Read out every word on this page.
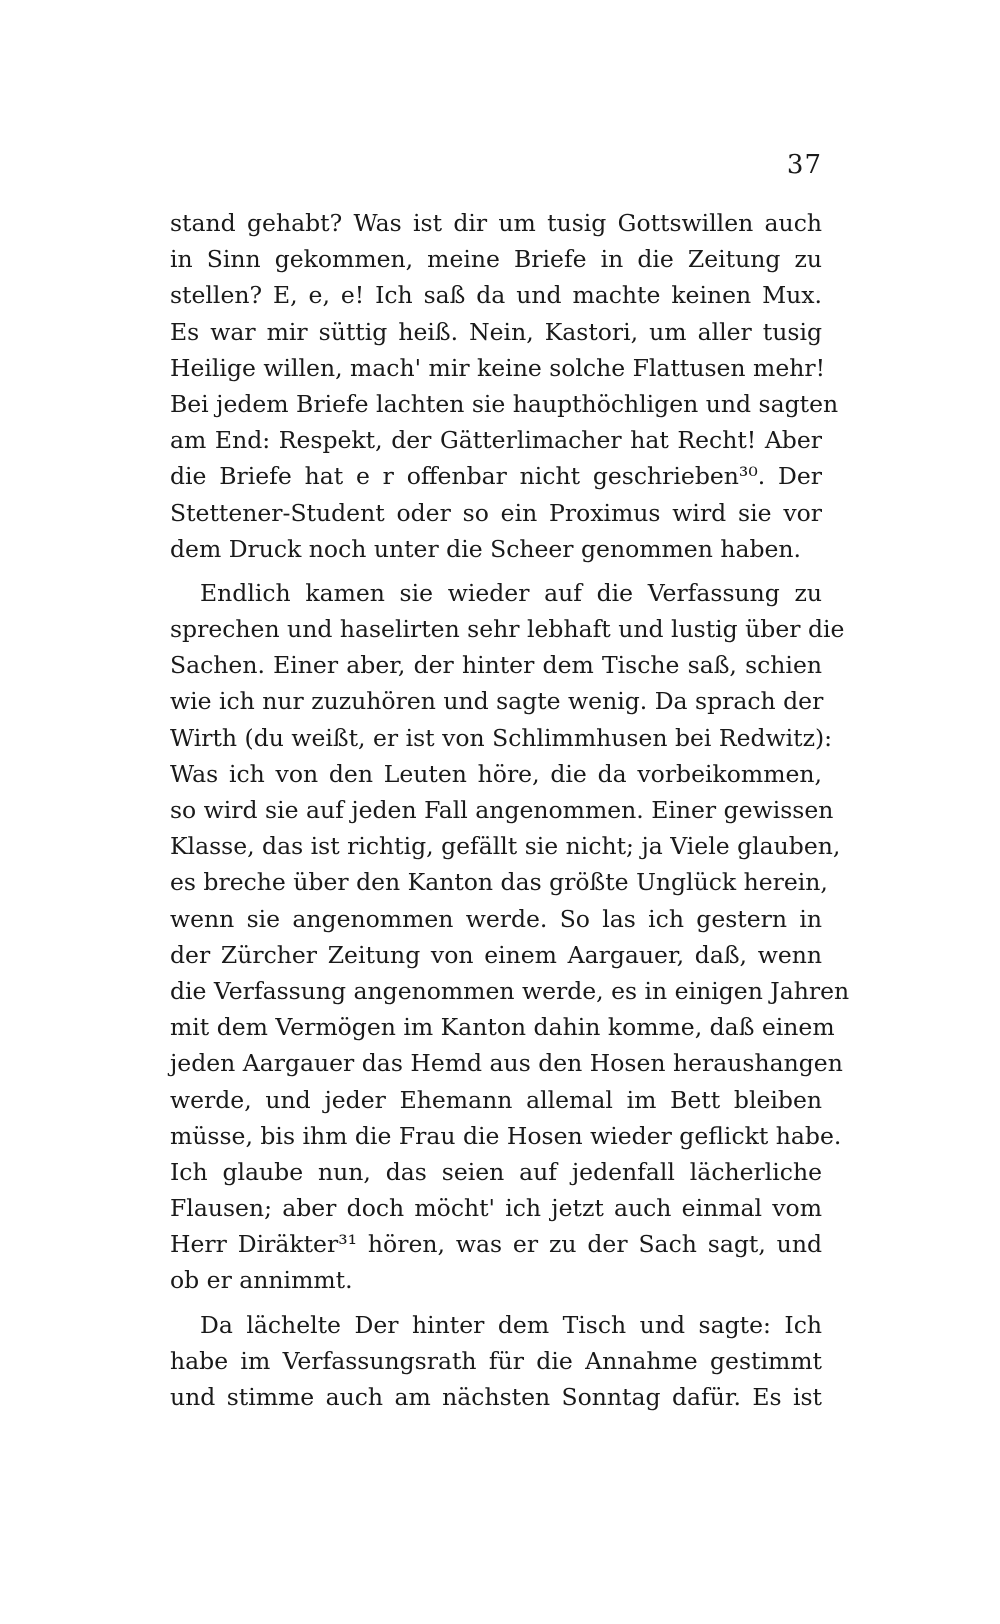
37
stand gehabt? Was ist dir um tusig Gottswillen auch
in Sinn gekommen, meine Briefe in die Zeitung zu
stellen? E, e, e! Ich saß da und machte keinen Mux.
Es war mir süttig heiß. Nein, Kastori, um aller tusig
Heilige willen, mach' mir keine solche Flattusen mehr!
Bei jedem Briefe lachten sie haupthöchligen und sagten
am End: Respekt, der Gätterlimacher hat Recht! Aber
die Briefe hat e r offenbar nicht geschrieben³⁰. Der
Stettener-Student oder so ein Proximus wird sie vor
dem Druck noch unter die Scheer genommen haben.
Endlich kamen sie wieder auf die Verfassung zu
sprechen und haselirten sehr lebhaft und lustig über die
Sachen. Einer aber, der hinter dem Tische saß, schien
wie ich nur zuzuhören und sagte wenig. Da sprach der
Wirth (du weißt, er ist von Schlimmhusen bei Redwitz):
Was ich von den Leuten höre, die da vorbeikommen,
so wird sie auf jeden Fall angenommen. Einer gewissen
Klasse, das ist richtig, gefällt sie nicht; ja Viele glauben,
es breche über den Kanton das größte Unglück herein,
wenn sie angenommen werde. So las ich gestern in
der Zürcher Zeitung von einem Aargauer, daß, wenn
die Verfassung angenommen werde, es in einigen Jahren
mit dem Vermögen im Kanton dahin komme, daß einem
jeden Aargauer das Hemd aus den Hosen heraushangen
werde, und jeder Ehemann allemal im Bett bleiben
müsse, bis ihm die Frau die Hosen wieder geflickt habe.
Ich glaube nun, das seien auf jedenfall lächerliche
Flausen; aber doch möcht' ich jetzt auch einmal vom
Herr Diräkter³¹ hören, was er zu der Sach sagt, und
ob er annimmt.
Da lächelte Der hinter dem Tisch und sagte: Ich
habe im Verfassungsrath für die Annahme gestimmt
und stimme auch am nächsten Sonntag dafür. Es ist
